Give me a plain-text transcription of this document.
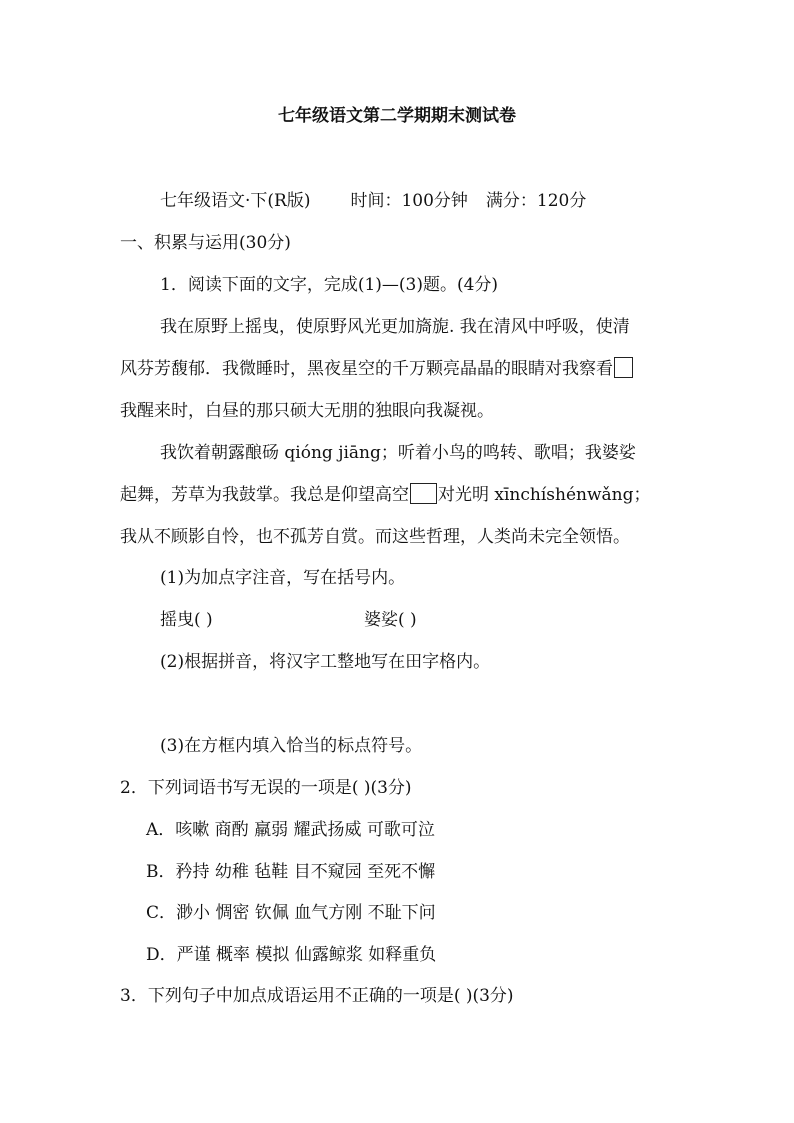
七年级语文第二学期期末测试卷
七年级语文·下(R版) 时间：100分钟 满分：120分
一、积累与运用(30分)
1．阅读下面的文字，完成(1)—(3)题。(4分)
我在原野上摇曳，使原野风光更加旖旎. 我在清风中呼吸，使清
风芬芳馥郁．我微睡时，黑夜星空的千万颗亮晶晶的眼睛对我察看
我醒来时，白昼的那只硕大无朋的独眼向我凝视。
我饮着朝露酿砀 qióng jiāng；听着小鸟的鸣转、歌唱；我婆娑
起舞，芳草为我鼓掌。我总是仰望高空 对光明 xīnchíshénwǎng；
我从不顾影自怜，也不孤芳自赏。而这些哲理，人类尚未完全领悟。
(1)为加点字注音，写在括号内。
摇曳( )	婆娑( )
(2)根据拼音，将汉字工整地写在田字格内。
(3)在方框内填入恰当的标点符号。
2．下列词语书写无误的一项是( )(3分)
A．咳嗽 商酌 羸弱 耀武扬威 可歌可泣
B．矜持 幼稚 毡鞋 目不窥园 至死不懈
C．渺小 惆密 钦佩 血气方刚 不耻下问
D．严谨 概率 模拟 仙露鲸浆 如释重负
3．下列句子中加点成语运用不正确的一项是( )(3分)
